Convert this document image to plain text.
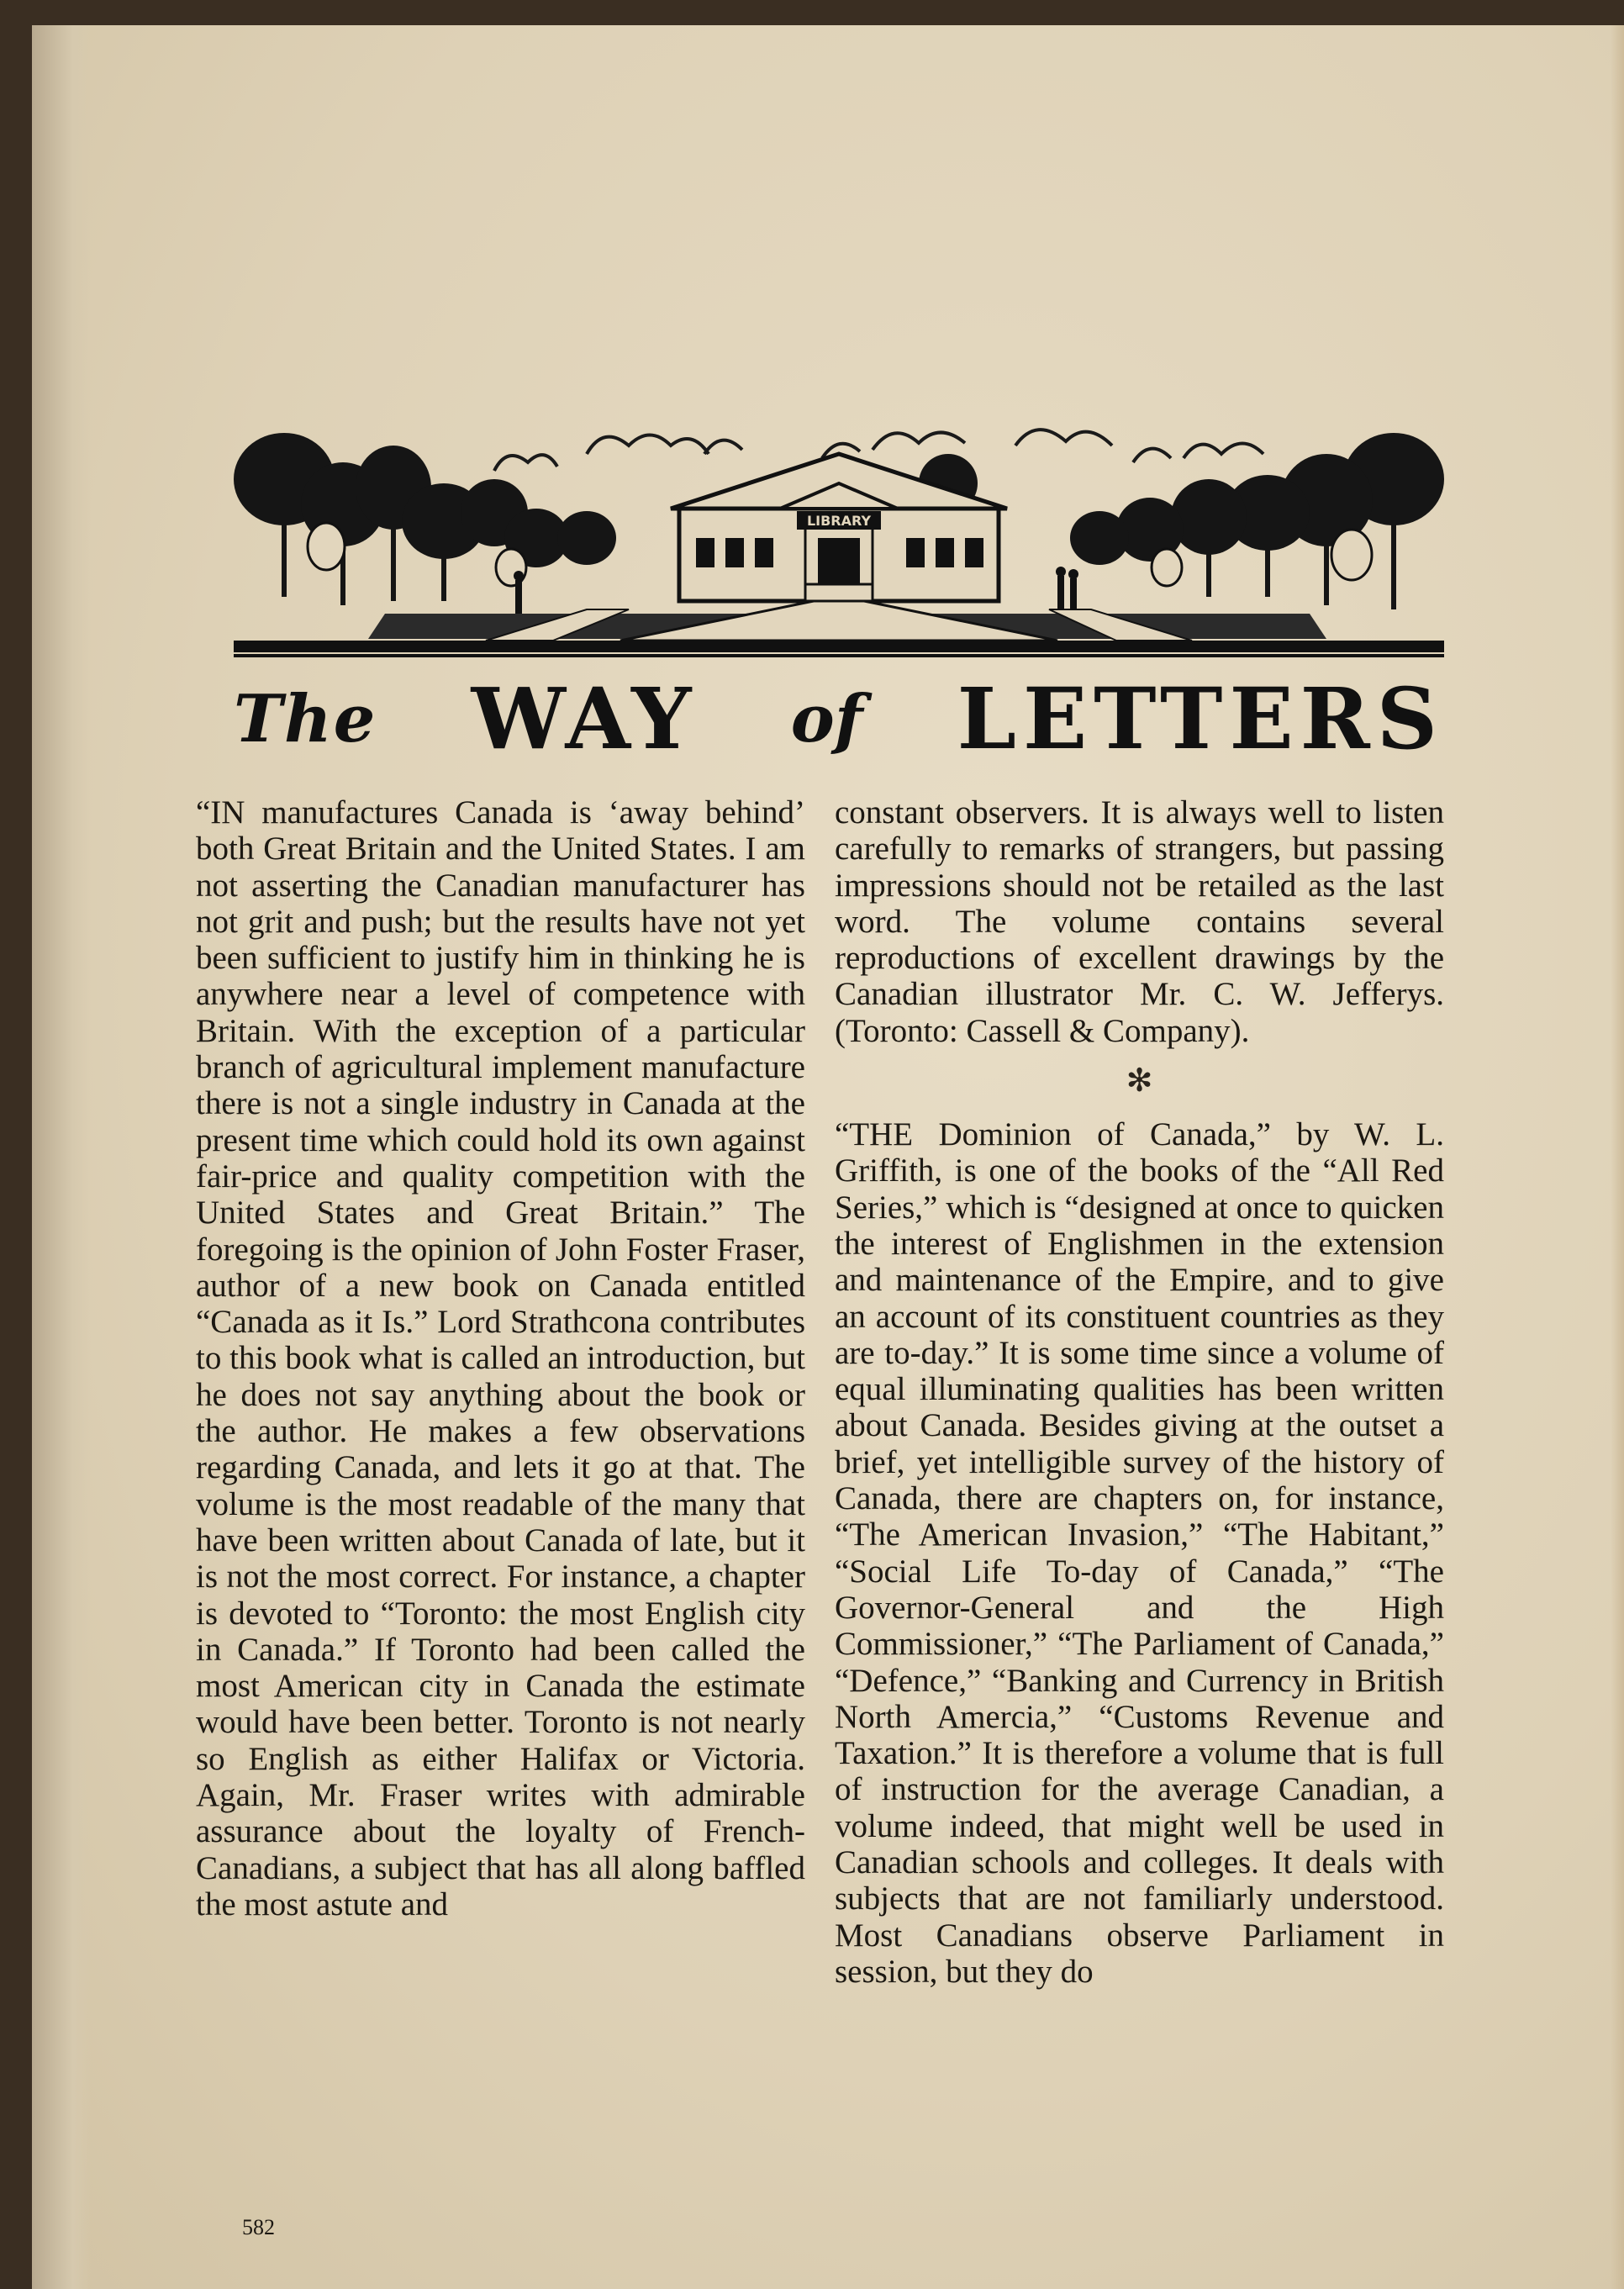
LIBRARY
The WAY of LETTERS

“IN manufactures Canada is ‘away behind’ both Great Britain and the United States. I am not asserting the Canadian manufacturer has not grit and push; but the results have not yet been sufficient to justify him in thinking he is anywhere near a level of competence with Britain. With the exception of a particular branch of agricultural implement manufacture there is not a single industry in Canada at the present time which could hold its own against fair-price and quality competition with the United States and Great Britain.” The foregoing is the opinion of John Foster Fraser, author of a new book on Canada entitled “Canada as it Is.” Lord Strathcona contributes to this book what is called an introduction, but he does not say anything about the book or the author. He makes a few observations regarding Canada, and lets it go at that. The volume is the most readable of the many that have been written about Canada of late, but it is not the most correct. For instance, a chapter is devoted to “Toronto: the most English city in Canada.” If Toronto had been called the most American city in Canada the estimate would have been better. Toronto is not nearly so English as either Halifax or Victoria. Again, Mr. Fraser writes with admirable assurance about the loyalty of French-Canadians, a subject that has all along baffled the most astute and

constant observers. It is always well to listen carefully to remarks of strangers, but passing impressions should not be retailed as the last word. The volume contains several reproductions of excellent drawings by the Canadian illustrator Mr. C. W. Jefferys. (Toronto: Cassell & Company).

✻

“THE Dominion of Canada,” by W. L. Griffith, is one of the books of the “All Red Series,” which is “designed at once to quicken the interest of Englishmen in the extension and maintenance of the Empire, and to give an account of its constituent countries as they are to-day.” It is some time since a volume of equal illuminating qualities has been written about Canada. Besides giving at the outset a brief, yet intelligible survey of the history of Canada, there are chapters on, for instance, “The American Invasion,” “The Habitant,” “Social Life To-day of Canada,” “The Governor-General and the High Commissioner,” “The Parliament of Canada,” “Defence,” “Banking and Currency in British North Amercia,” “Customs Revenue and Taxation.” It is therefore a volume that is full of instruction for the average Canadian, a volume indeed, that might well be used in Canadian schools and colleges. It deals with subjects that are not familiarly understood. Most Canadians observe Parliament in session, but they do

582
